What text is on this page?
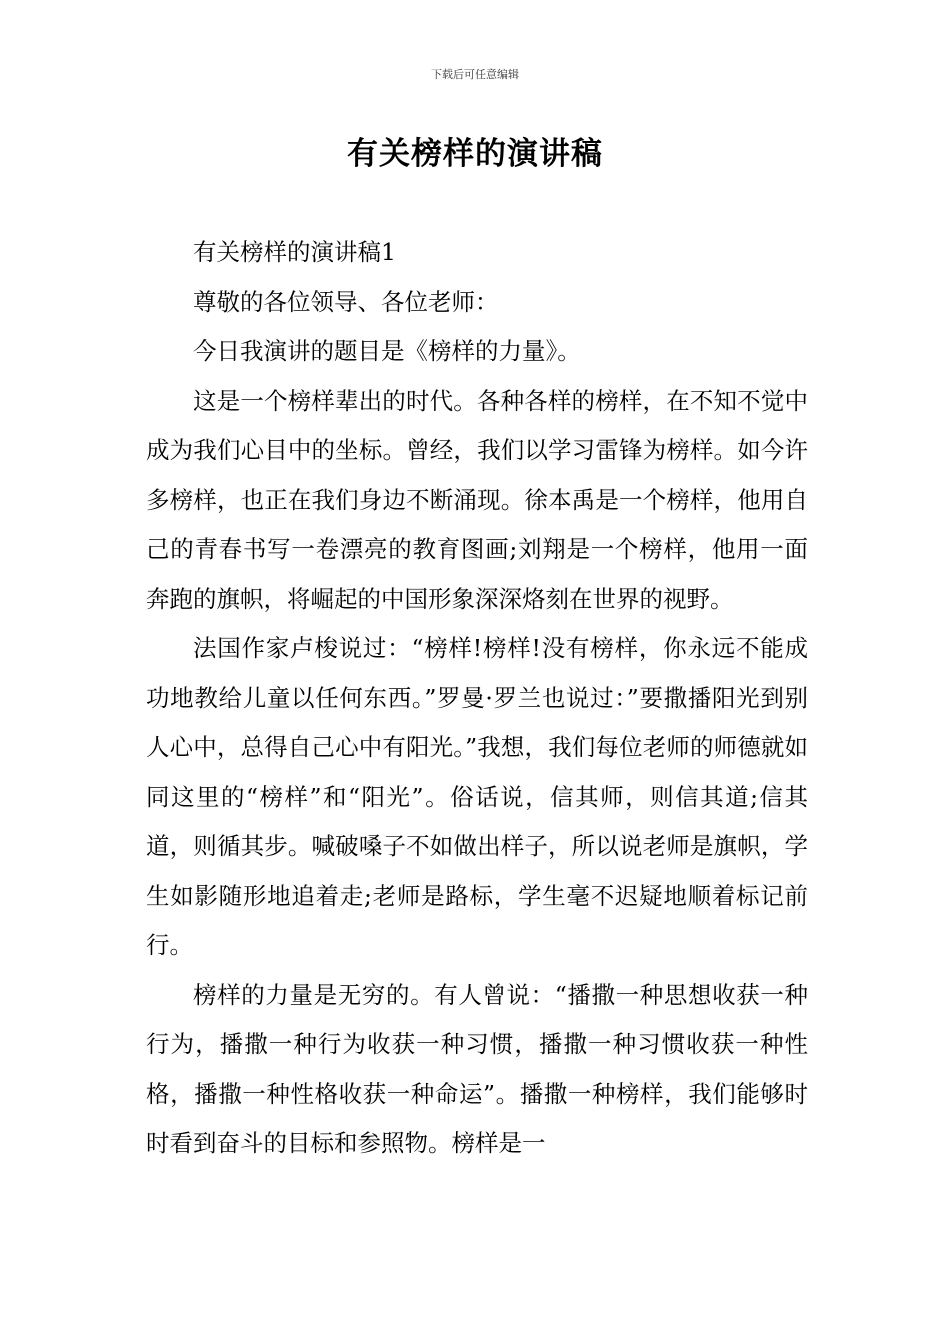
下载后可任意编辑
有关榜样的演讲稿

有关榜样的演讲稿1

尊敬的各位领导、各位老师：

今日我演讲的题目是《榜样的力量》。

这是一个榜样辈出的时代。各种各样的榜样，在不知不觉中成为我们心目中的坐标。曾经，我们以学习雷锋为榜样。如今许多榜样，也正在我们身边不断涌现。徐本禹是一个榜样，他用自己的青春书写一卷漂亮的教育图画;刘翔是一个榜样，他用一面奔跑的旗帜，将崛起的中国形象深深烙刻在世界的视野。

法国作家卢梭说过：“榜样!榜样!没有榜样，你永远不能成功地教给儿童以任何东西。”罗曼·罗兰也说过：”要撒播阳光到别人心中，总得自己心中有阳光。”我想，我们每位老师的师德就如同这里的“榜样”和“阳光”。俗话说，信其师，则信其道;信其道，则循其步。喊破嗓子不如做出样子，所以说老师是旗帜，学生如影随形地追着走;老师是路标，学生毫不迟疑地顺着标记前行。

榜样的力量是无穷的。有人曾说：“播撒一种思想收获一种行为，播撒一种行为收获一种习惯，播撒一种习惯收获一种性格，播撒一种性格收获一种命运”。播撒一种榜样，我们能够时时看到奋斗的目标和参照物。榜样是一
